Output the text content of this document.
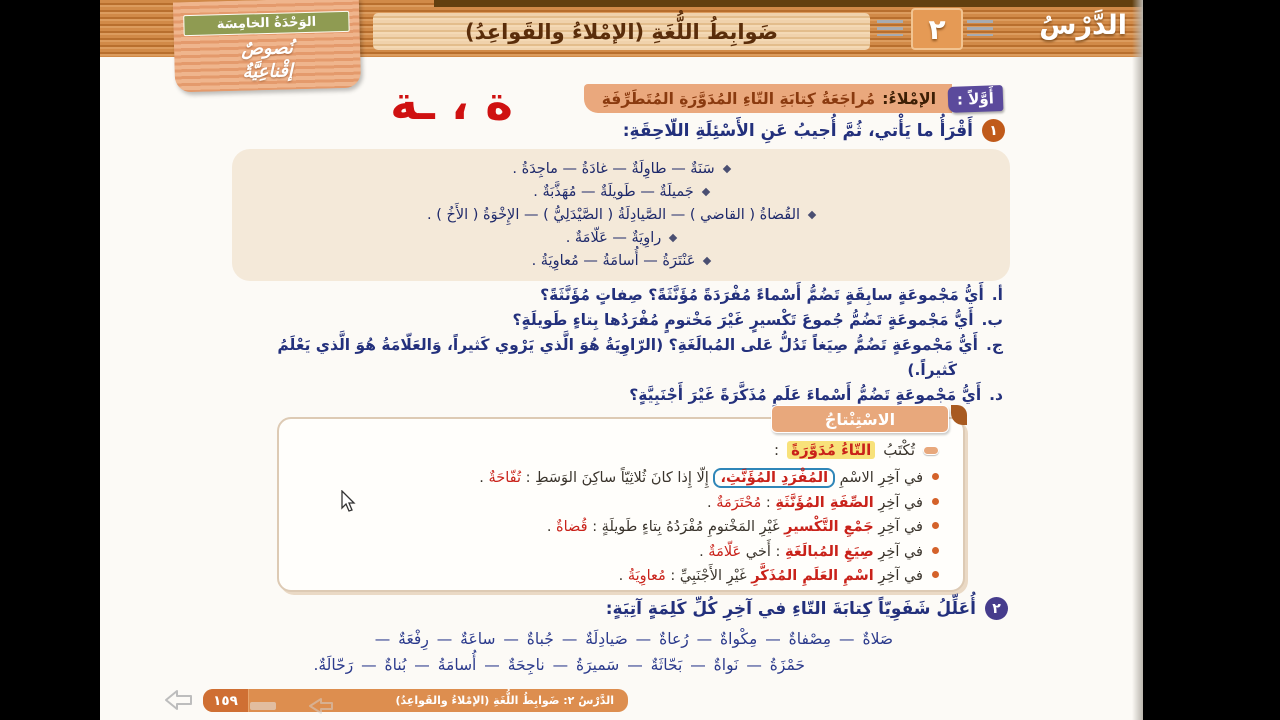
الدَّرْسُ
٢
ضَوابِطُ اللُّغَةِ (الإمْلاءُ والقَواعِدُ)
الوَحْدَةُ الخامِسَة
نُصوصٌ
إقْناعِيَّةٌ
ة ، ـة	أَوَّلاً :
الإمْلاءُ:
مُراجَعَةُ كِتابَةِ التّاءِ المُدَوَّرَةِ المُتَطَرِّفَةِ
١
أَقْرَأُ ما يَأْتي، ثُمَّ أُجيبُ عَنِ الأَسْئِلَةِ اللّاحِقَةِ:
سَنَةٌ — طاوِلَةٌ — غادَةُ — ماجِدَةُ .
جَميلَةٌ — طَويلَةٌ — مُهَذَّبَةٌ .
القُضاةُ ( القاضي ) — الصَّيادِلَةُ ( الصَّيْدَلِيُّ ) — الإِخْوَةُ ( الأَخُ ) .
راوِيَةٌ — عَلّامَةٌ .
عَنْتَرَةُ — أُسامَةُ — مُعاوِيَةُ .
أ.
أَيُّ مَجْموعَةٍ سابِقَةٍ تَضُمُّ أَسْماءً مُفْرَدَةً مُؤَنَّثَةً؟ صِفاتٍ مُؤَنَّثَةً؟
ب.
أَيُّ مَجْموعَةٍ تَضُمُّ جُموعَ تَكْسيرٍ غَيْرَ مَخْتومٍ مُفْرَدُها بِتاءٍ طَويلَةٍ؟
ج.
أَيُّ مَجْموعَةٍ تَضُمُّ صِيَغاً تَدُلُّ عَلى المُبالَغَةِ؟ (الرّاوِيَةُ هُوَ الَّذي يَرْوي كَثيراً، وَالعَلّامَةُ هُوَ الَّذي يَعْلَمُ
كَثيراً.)
د.
أَيُّ مَجْموعَةٍ تَضُمُّ أَسْماءَ عَلَمٍ مُذَكَّرَةً غَيْرَ أَجْنَبِيَّةٍ؟
الاسْتِنْتاجُ
تُكْتَبُ
التّاءُ مُدَوَّرَةً
:
في آخِرِ الاسْمِ المُفْرَدِ المُؤَنَّثِ، إِلّا إِذا كانَ ثُلاثِيّاً ساكِنَ الوَسَطِ : تُفّاحَةٌ .
في آخِرِ الصِّفَةِ المُؤَنَّثَةِ : مُحْتَرَمَةٌ .
في آخِرِ جَمْعِ التَّكْسيرِ غَيْرِ المَخْتومِ مُفْرَدُهُ بِتاءٍ طَويلَةٍ : قُضاةٌ .
في آخِرِ صِيَغِ المُبالَغَةِ : أَخي عَلّامَةٌ .
في آخِرِ اسْمِ العَلَمِ المُذَكَّرِ غَيْرِ الأَجْنَبِيِّ : مُعاوِيَةُ .
٢
أُعَلِّلُ شَفَوِيّاً كِتابَةَ التّاءِ في آخِرِ كُلِّ كَلِمَةٍ آتِيَةٍ:
صَلاةٌ — مِصْفاةٌ — مِكْواةٌ — رُعاةٌ — صَيادِلَةٌ — جُباةٌ — ساعَةٌ — رِفْعَةٌ —
حَمْزَةُ — نَواةٌ — بَحّاثَةٌ — سَميرَةُ — ناجِحَةٌ — أُسامَةُ — بُناةٌ — رَحّالَةٌ.
الدَّرْسُ ٢: ضَوابِطُ اللُّغَةِ (الإمْلاءُ والقَواعِدُ)
١٥٩
